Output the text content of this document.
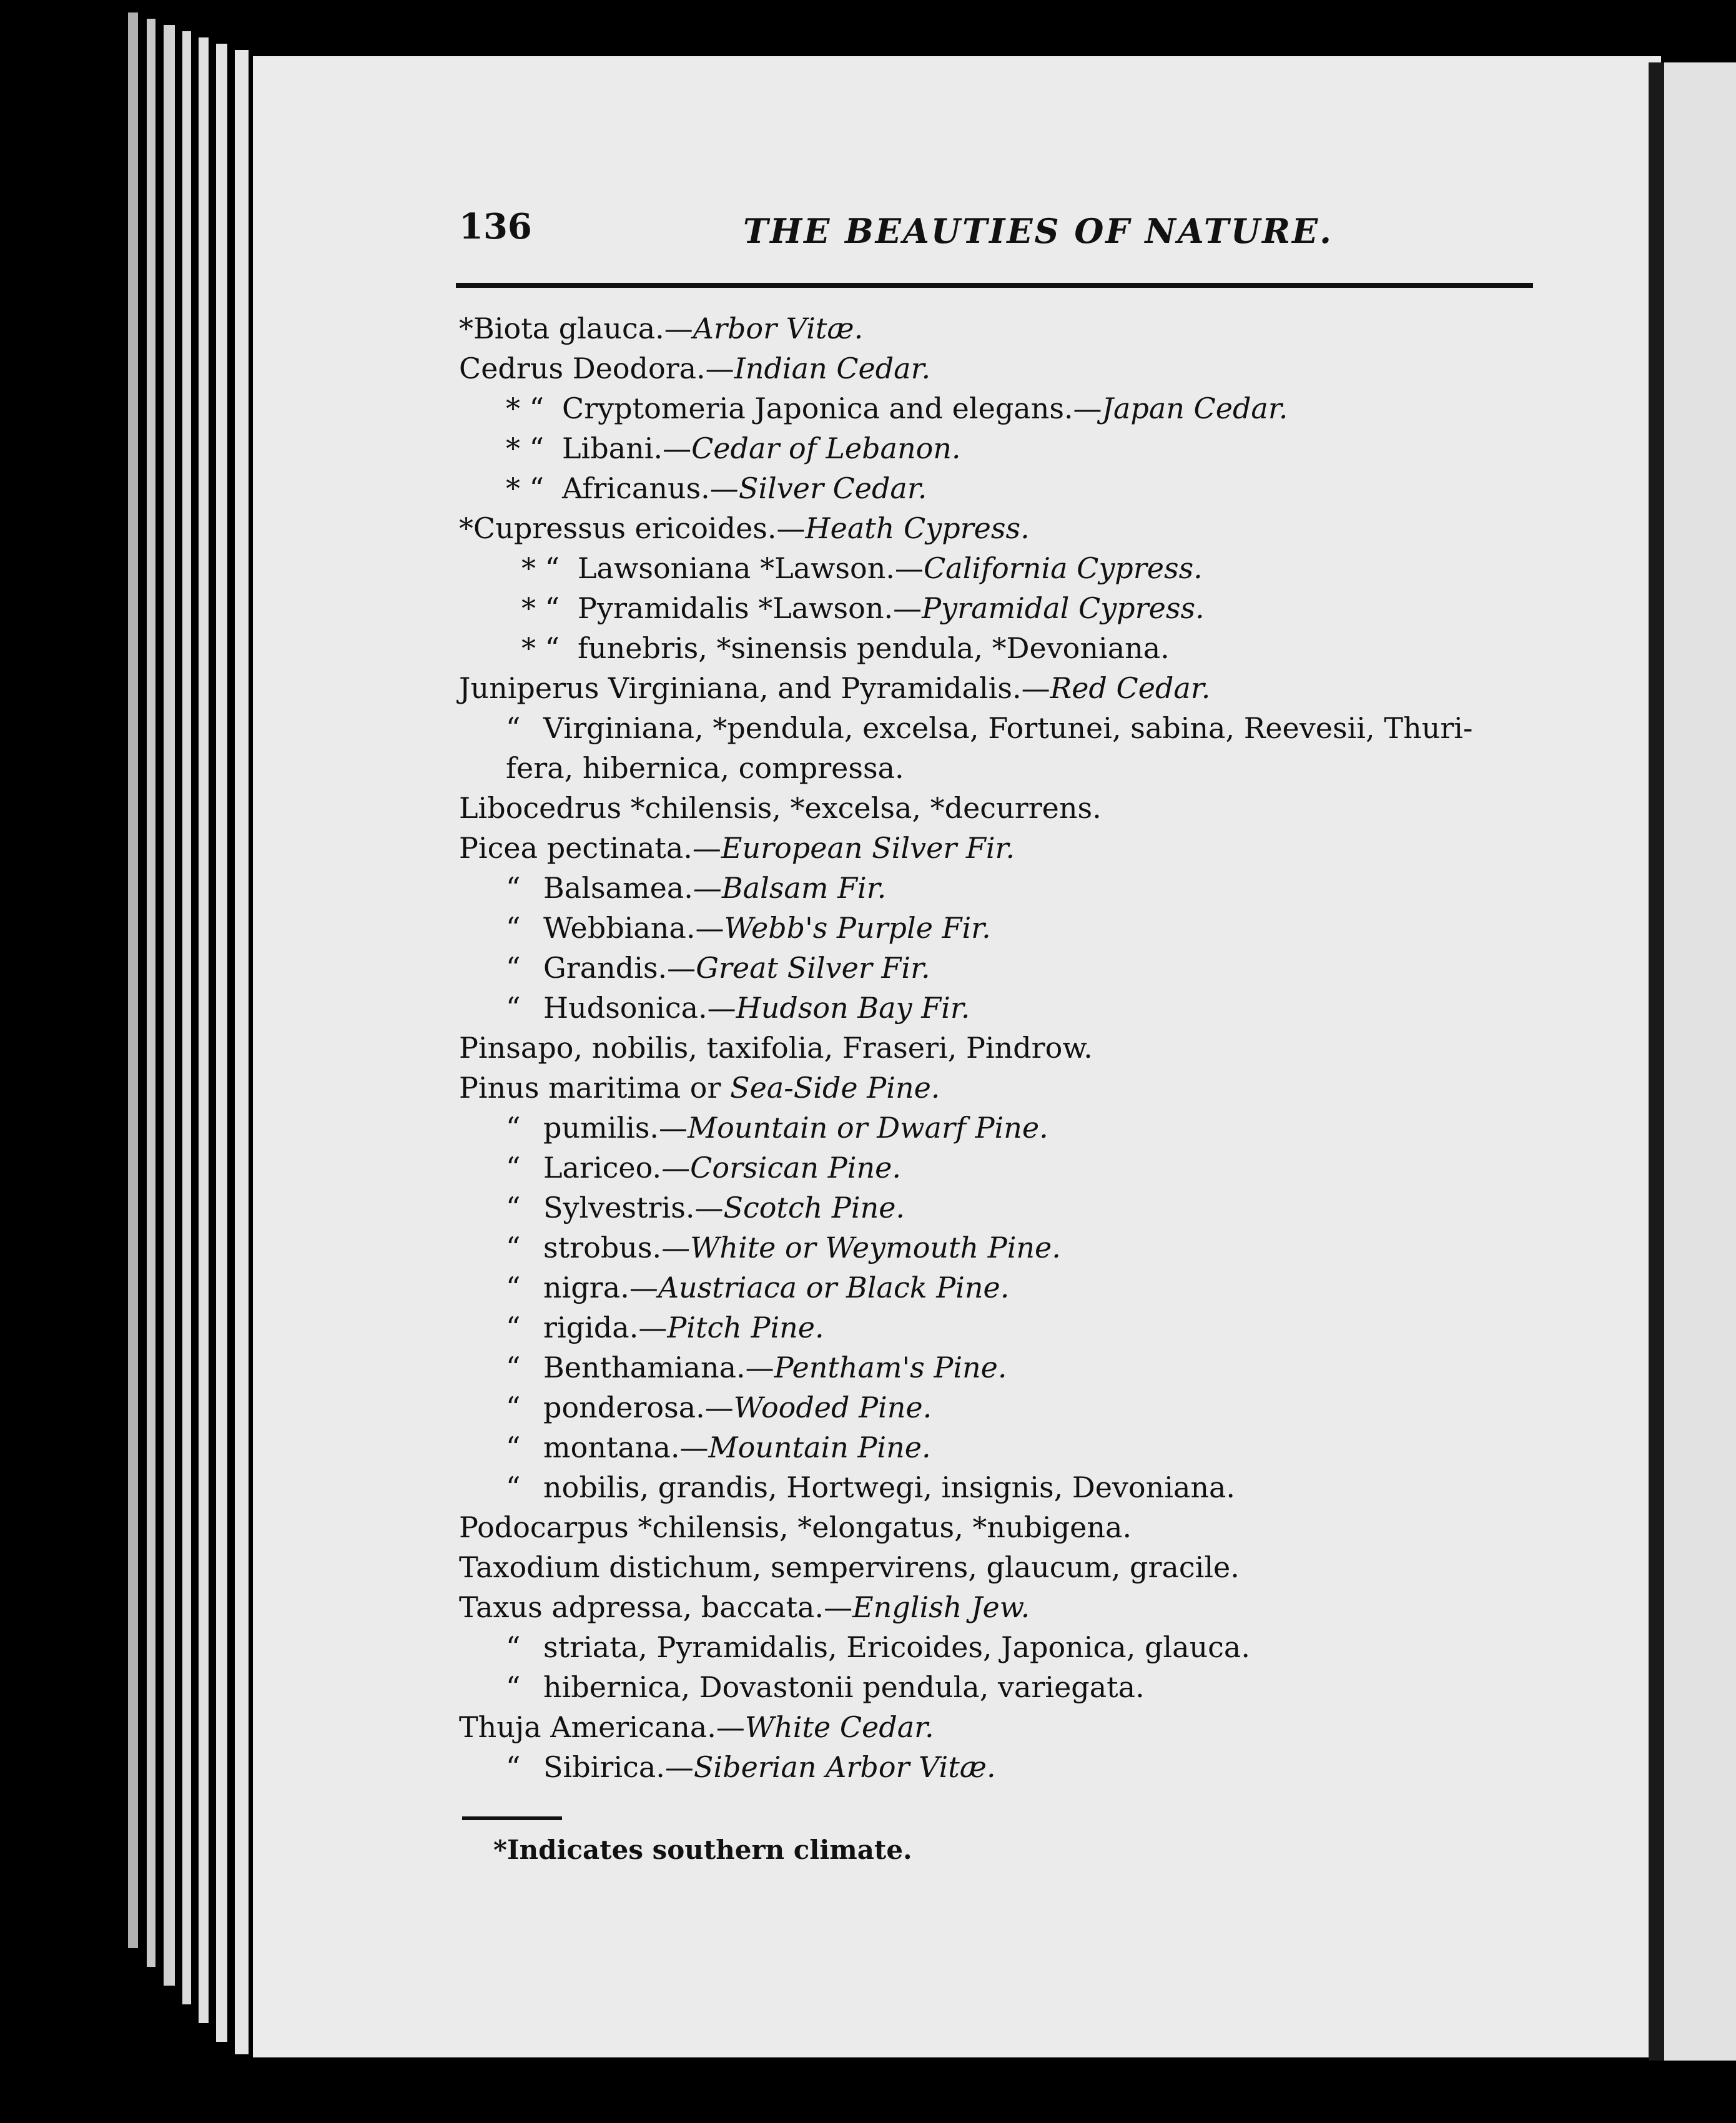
136	THE BEAUTIES OF NATURE.
*Biota glauca.—Arbor Vitæ.
Cedrus Deodora.—Indian Cedar.
* “ Cryptomeria Japonica and elegans.—Japan Cedar.
* “ Libani.—Cedar of Lebanon.
* “ Africanus.—Silver Cedar.
*Cupressus ericoides.—Heath Cypress.
* “ Lawsoniana *Lawson.—California Cypress.
* “ Pyramidalis *Lawson.—Pyramidal Cypress.
* “ funebris, *sinensis pendula, *Devoniana.
Juniperus Virginiana, and Pyramidalis.—Red Cedar.
“ Virginiana, *pendula, excelsa, Fortunei, sabina, Reevesii, Thuri-
fera, hibernica, compressa.
Libocedrus *chilensis, *excelsa, *decurrens.
Picea pectinata.—European Silver Fir.
“ Balsamea.—Balsam Fir.
“ Webbiana.—Webb's Purple Fir.
“ Grandis.—Great Silver Fir.
“ Hudsonica.—Hudson Bay Fir.
Pinsapo, nobilis, taxifolia, Fraseri, Pindrow.
Pinus maritima or Sea-Side Pine.
“ pumilis.—Mountain or Dwarf Pine.
“ Lariceo.—Corsican Pine.
“ Sylvestris.—Scotch Pine.
“ strobus.—White or Weymouth Pine.
“ nigra.—Austriaca or Black Pine.
“ rigida.—Pitch Pine.
“ Benthamiana.—Pentham's Pine.
“ ponderosa.—Wooded Pine.
“ montana.—Mountain Pine.
“ nobilis, grandis, Hortwegi, insignis, Devoniana.
Podocarpus *chilensis, *elongatus, *nubigena.
Taxodium distichum, sempervirens, glaucum, gracile.
Taxus adpressa, baccata.—English Jew.
“ striata, Pyramidalis, Ericoides, Japonica, glauca.
“ hibernica, Dovastonii pendula, variegata.
Thuja Americana.—White Cedar.
“ Sibirica.—Siberian Arbor Vitæ.
*Indicates southern climate.
